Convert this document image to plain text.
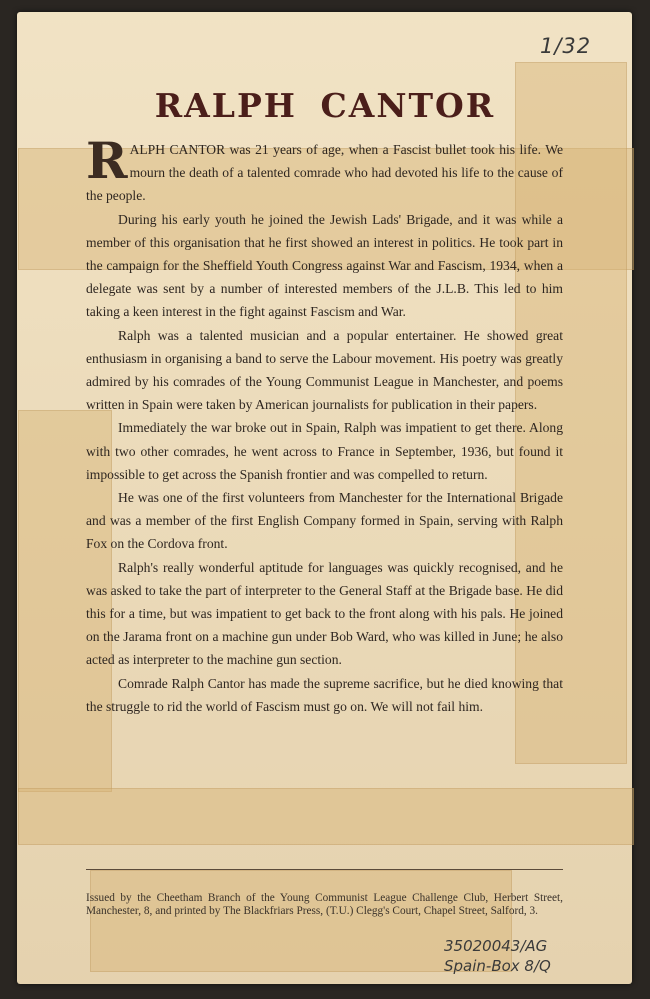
1/32
RALPH CANTOR

RALPH CANTOR was 21 years of age, when a Fascist bullet took his life. We mourn the death of a talented comrade who had devoted his life to the cause of the people.

During his early youth he joined the Jewish Lads' Brigade, and it was while a member of this organisation that he first showed an interest in politics. He took part in the campaign for the Sheffield Youth Congress against War and Fascism, 1934, when a delegate was sent by a number of interested members of the J.L.B. This led to him taking a keen interest in the fight against Fascism and War.

Ralph was a talented musician and a popular entertainer. He showed great enthusiasm in organising a band to serve the Labour movement. His poetry was greatly admired by his comrades of the Young Communist League in Manchester, and poems written in Spain were taken by American journalists for publication in their papers.

Immediately the war broke out in Spain, Ralph was impatient to get there. Along with two other comrades, he went across to France in September, 1936, but found it impossible to get across the Spanish frontier and was compelled to return.

He was one of the first volunteers from Manchester for the International Brigade and was a member of the first English Company formed in Spain, serving with Ralph Fox on the Cordova front.

Ralph's really wonderful aptitude for languages was quickly recognised, and he was asked to take the part of interpreter to the General Staff at the Brigade base. He did this for a time, but was impatient to get back to the front along with his pals. He joined on the Jarama front on a machine gun under Bob Ward, who was killed in June; he also acted as interpreter to the machine gun section.

Comrade Ralph Cantor has made the supreme sacrifice, but he died knowing that the struggle to rid the world of Fascism must go on. We will not fail him.

Issued by the Cheetham Branch of the Young Communist League Challenge Club, Herbert Street, Manchester, 8, and printed by The Blackfriars Press, (T.U.) Clegg's Court, Chapel Street, Salford, 3.
35020043/AG
Spain-Box 8/Q
